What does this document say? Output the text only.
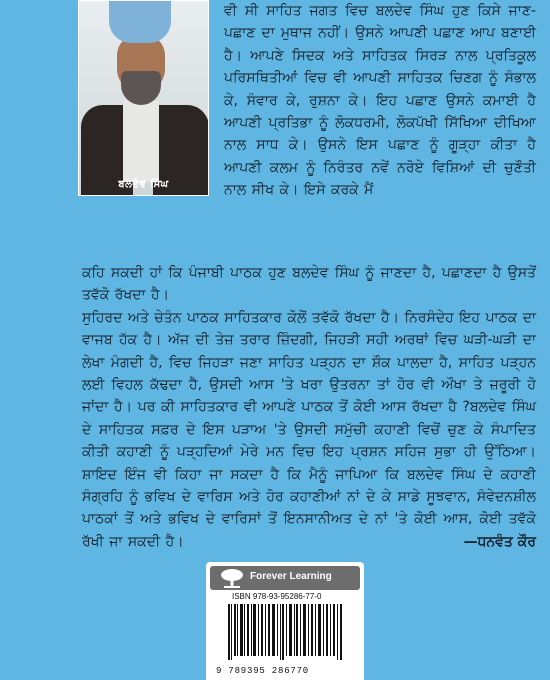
ਬਲਦੇਵ ਸਿੰਘ
ਵੀ ਸੀ ਸਾਹਿਤ ਜਗਤ ਵਿਚ ਬਲਦੇਵ ਸਿੰਘ ਹੁਣ ਕਿਸੇ ਜਾਣ-ਪਛਾਣ ਦਾ ਮੁਥਾਜ ਨਹੀਂ। ਉਸਨੇ ਆਪਣੀ ਪਛਾਣ ਆਪ ਬਣਾਈ ਹੈ। ਆਪਣੇ ਸਿਦਕ ਅਤੇ ਸਾਹਿਤਕ ਸਿਰੜ ਨਾਲ ਪ੍ਰਤਿਕੂਲ ਪਰਿਸਥਿਤੀਆਂ ਵਿਚ ਵੀ ਆਪਣੀ ਸਾਹਿਤਕ ਚਿਣਗ ਨੂੰ ਸੰਭਾਲ ਕੇ, ਸੰਵਾਰ ਕੇ, ਰੁਸ਼ਨਾ ਕੇ। ਇਹ ਪਛਾਣ ਉਸਨੇ ਕਮਾਈ ਹੈ ਆਪਣੀ ਪ੍ਰਤਿਭਾ ਨੂੰ ਲੋਕਧਰਮੀ, ਲੋਕਪੱਖੀ ਸਿੱਖਿਆ ਦੀਖਿਆ ਨਾਲ ਸਾਧ ਕੇ। ਉਸਨੇ ਇਸ ਪਛਾਣ ਨੂੰ ਗੂੜ੍ਹਾ ਕੀਤਾ ਹੈ ਆਪਣੀ ਕਲਮ ਨੂੰ ਨਿਰੰਤਰ ਨਵੇਂ ਨਰੋਏ ਵਿਸ਼ਿਆਂ ਦੀ ਚੁਣੌਤੀ ਨਾਲ ਸੀਖ ਕੇ। ਇਸੇ ਕਰਕੇ ਮੈਂ
ਕਹਿ ਸਕਦੀ ਹਾਂ ਕਿ ਪੰਜਾਬੀ ਪਾਠਕ ਹੁਣ ਬਲਦੇਵ ਸਿੰਘ ਨੂੰ ਜਾਣਦਾ ਹੈ, ਪਛਾਣਦਾ ਹੈ ਉਸਤੋਂ ਤਵੱਕੋ ਰੱਖਦਾ ਹੈ।
ਸੁਹਿਰਦ ਅਤੇ ਚੇਤੰਨ ਪਾਠਕ ਸਾਹਿਤਕਾਰ ਕੋਲੋਂ ਤਵੱਕੋ ਰੱਖਦਾ ਹੈ। ਨਿਰਸੰਦੇਹ ਇਹ ਪਾਠਕ ਦਾ ਵਾਜਬ ਹੱਕ ਹੈ। ਅੱਜ ਦੀ ਤੇਜ਼ ਤਰਾਰ ਜ਼ਿੰਦਗੀ, ਜਿਹੜੀ ਸਹੀ ਅਰਥਾਂ ਵਿਚ ਘੜੀ-ਘੜੀ ਦਾ ਲੇਖਾ ਮੰਗਦੀ ਹੈ, ਵਿਚ ਜਿਹੜਾ ਜਣਾ ਸਾਹਿਤ ਪੜ੍ਹਨ ਦਾ ਸ਼ੌਕ ਪਾਲਦਾ ਹੈ, ਸਾਹਿਤ ਪੜ੍ਹਨ ਲਈ ਵਿਹਲ ਕੱਢਦਾ ਹੈ, ਉਸਦੀ ਆਸ 'ਤੇ ਖਰਾ ਉਤਰਨਾ ਤਾਂ ਹੋਰ ਵੀ ਔਖਾ ਤੇ ਜ਼ਰੂਰੀ ਹੋ ਜਾਂਦਾ ਹੈ। ਪਰ ਕੀ ਸਾਹਿਤਕਾਰ ਵੀ ਆਪਣੇ ਪਾਠਕ ਤੋਂ ਕੋਈ ਆਸ ਰੱਖਦਾ ਹੈ ?ਬਲਦੇਵ ਸਿੰਘ ਦੇ ਸਾਹਿਤਕ ਸਫ਼ਰ ਦੇ ਇਸ ਪੜਾਅ 'ਤੇ ਉਸਦੀ ਸਮੁੱਚੀ ਕਹਾਣੀ ਵਿਚੋਂ ਚੁਣ ਕੇ ਸੰਪਾਦਿਤ ਕੀਤੀ ਕਹਾਣੀ ਨੂੰ ਪੜ੍ਹਦਿਆਂ ਮੇਰੇ ਮਨ ਵਿਚ ਇਹ ਪ੍ਰਸ਼ਨ ਸਹਿਜ ਸੁਭਾ ਹੀ ਉੱਠਿਆ। ਸ਼ਾਇਦ ਇੰਜ ਵੀ ਕਿਹਾ ਜਾ ਸਕਦਾ ਹੈ ਕਿ ਮੈਨੂੰ ਜਾਪਿਆ ਕਿ ਬਲਦੇਵ ਸਿੰਘ ਦੇ ਕਹਾਣੀ ਸੰਗ੍ਰਹਿ ਨੂੰ ਭਵਿਖ ਦੇ ਵਾਰਿਸ ਅਤੇ ਹੋਰ ਕਹਾਣੀਆਂ ਨਾਂ ਦੇ ਕੇ ਸਾਡੇ ਸੂਝਵਾਨ, ਸੰਵੇਦਨਸ਼ੀਲ ਪਾਠਕਾਂ ਤੋਂ ਅਤੇ ਭਵਿਖ ਦੇ ਵਾਰਿਸਾਂ ਤੋਂ ਇਨਸਾਨੀਅਤ ਦੇ ਨਾਂ 'ਤੇ ਕੋਈ ਆਸ, ਕੋਈ ਤਵੱਕੋ ਰੱਖੀ ਜਾ ਸਕਦੀ ਹੈ।	—ਧਨਵੰਤ ਕੌਰ
Forever Learning
ISBN 978-93-95286-77-0
9 789395 286770
